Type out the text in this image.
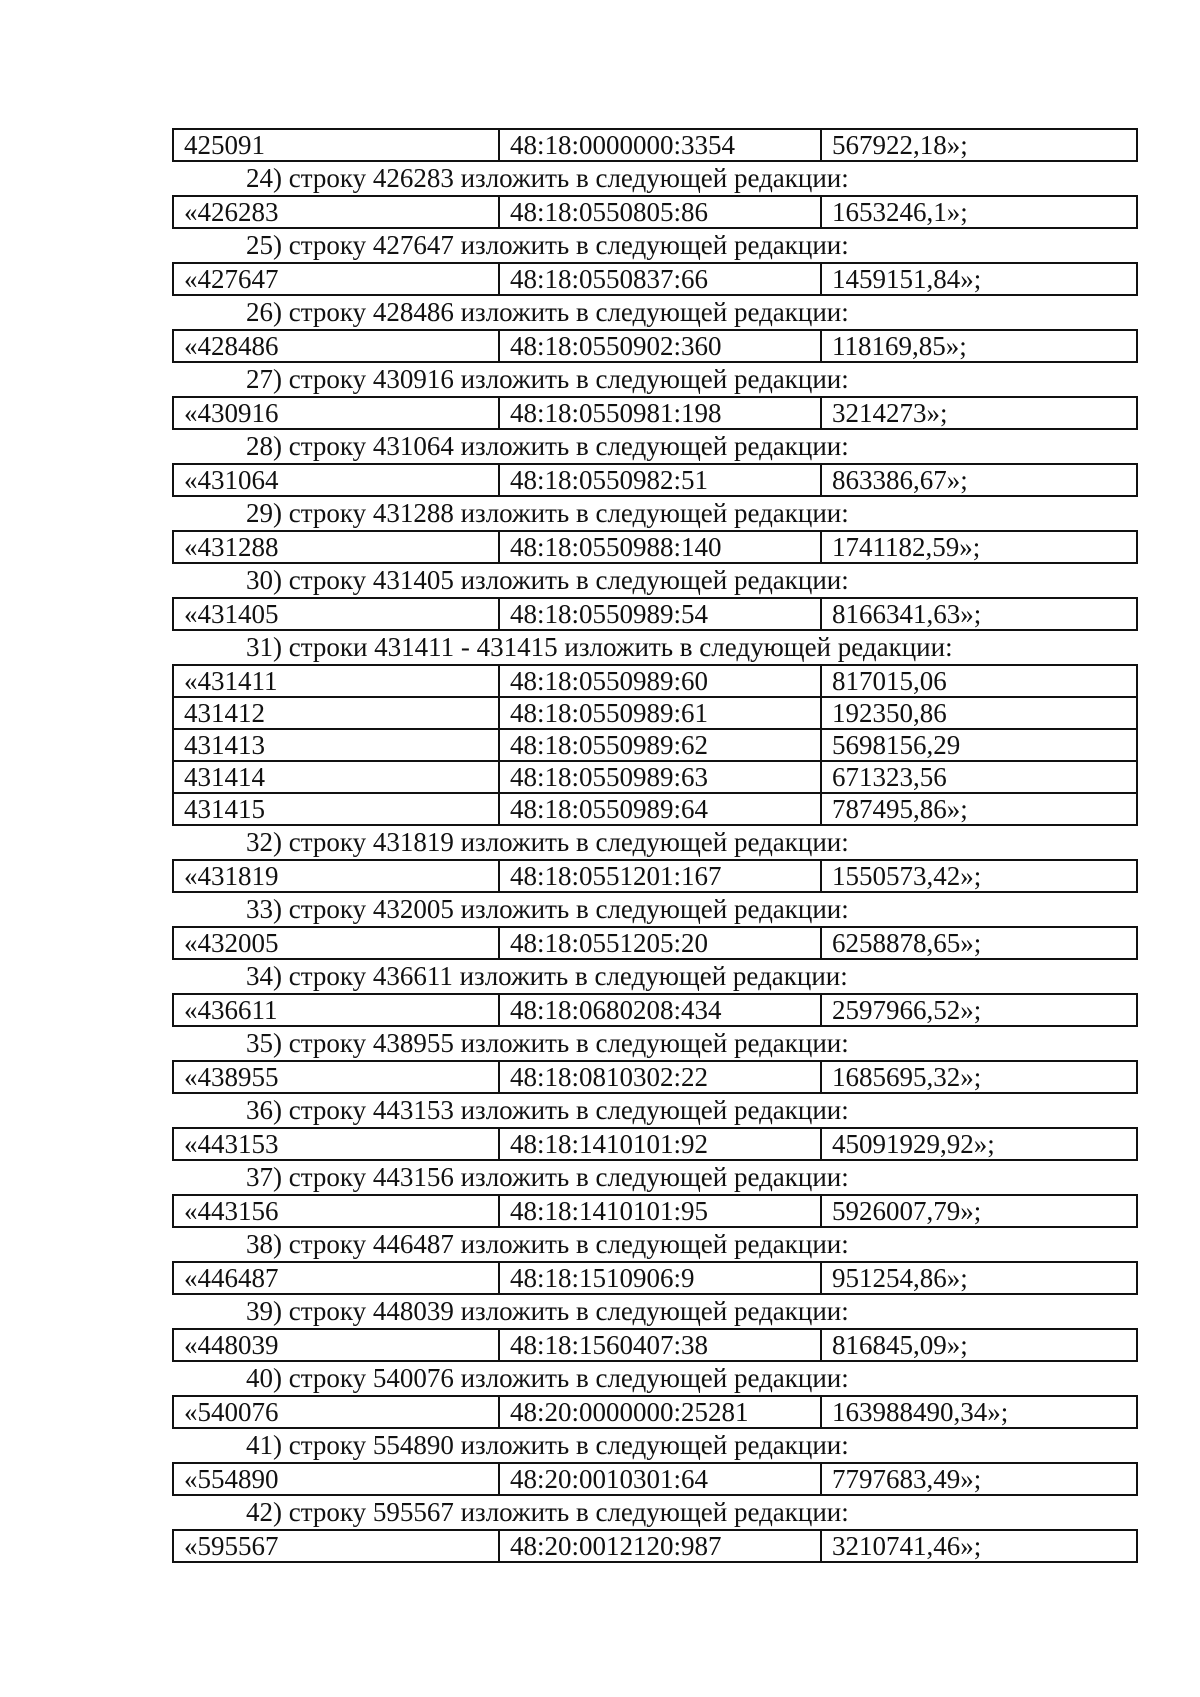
425091	48:18:0000000:3354	567922,18»;
24) строку 426283 изложить в следующей редакции:
«426283	48:18:0550805:86	1653246,1»;
25) строку 427647 изложить в следующей редакции:
«427647	48:18:0550837:66	1459151,84»;
26) строку 428486 изложить в следующей редакции:
«428486	48:18:0550902:360	118169,85»;
27) строку 430916 изложить в следующей редакции:
«430916	48:18:0550981:198	3214273»;
28) строку 431064 изложить в следующей редакции:
«431064	48:18:0550982:51	863386,67»;
29) строку 431288 изложить в следующей редакции:
«431288	48:18:0550988:140	1741182,59»;
30) строку 431405 изложить в следующей редакции:
«431405	48:18:0550989:54	8166341,63»;
31) строки 431411 - 431415 изложить в следующей редакции:
«431411	48:18:0550989:60	817015,06
431412	48:18:0550989:61	192350,86
431413	48:18:0550989:62	5698156,29
431414	48:18:0550989:63	671323,56
431415	48:18:0550989:64	787495,86»;
32) строку 431819 изложить в следующей редакции:
«431819	48:18:0551201:167	1550573,42»;
33) строку 432005 изложить в следующей редакции:
«432005	48:18:0551205:20	6258878,65»;
34) строку 436611 изложить в следующей редакции:
«436611	48:18:0680208:434	2597966,52»;
35) строку 438955 изложить в следующей редакции:
«438955	48:18:0810302:22	1685695,32»;
36) строку 443153 изложить в следующей редакции:
«443153	48:18:1410101:92	45091929,92»;
37) строку 443156 изложить в следующей редакции:
«443156	48:18:1410101:95	5926007,79»;
38) строку 446487 изложить в следующей редакции:
«446487	48:18:1510906:9	951254,86»;
39) строку 448039 изложить в следующей редакции:
«448039	48:18:1560407:38	816845,09»;
40) строку 540076 изложить в следующей редакции:
«540076	48:20:0000000:25281	163988490,34»;
41) строку 554890 изложить в следующей редакции:
«554890	48:20:0010301:64	7797683,49»;
42) строку 595567 изложить в следующей редакции:
«595567	48:20:0012120:987	3210741,46»;
